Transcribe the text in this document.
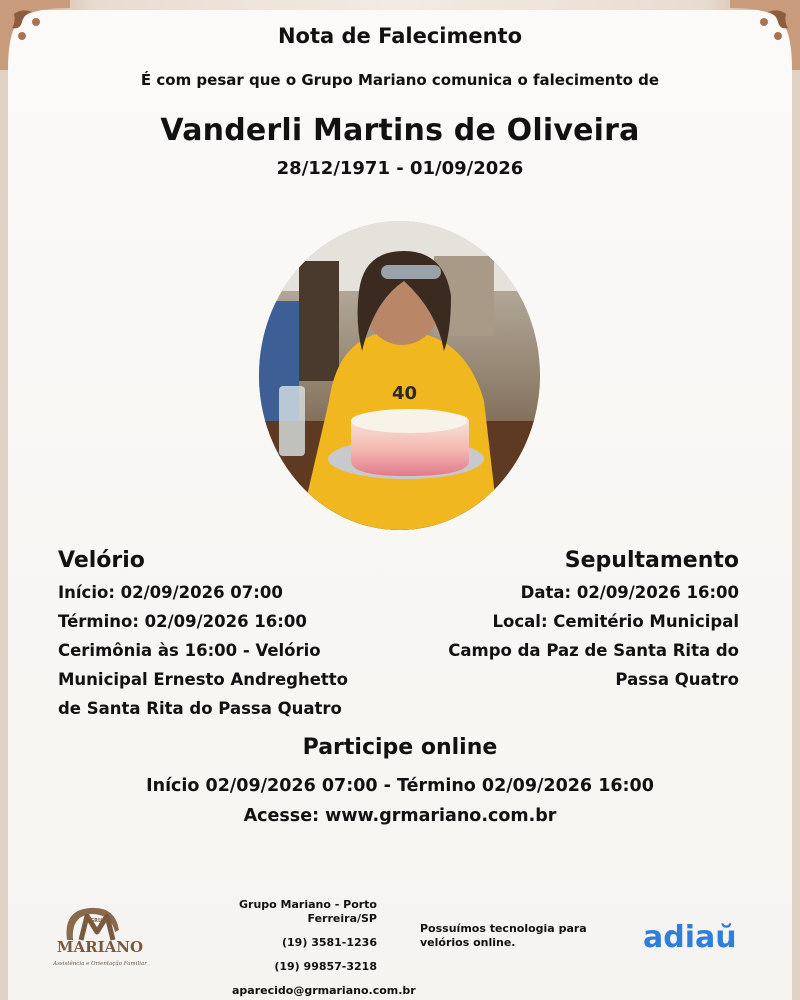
Nota de Falecimento
É com pesar que o Grupo Mariano comunica o falecimento de
Vanderli Martins de Oliveira
28/12/1971 - 01/09/2026
40
Velório
Início: 02/09/2026 07:00
Término: 02/09/2026 16:00
Cerimônia às 16:00 - Velório
Municipal Ernesto Andreghetto
de Santa Rita do Passa Quatro
Sepultamento
Data: 02/09/2026 16:00
Local: Cemitério Municipal
Campo da Paz de Santa Rita do
Passa Quatro
Participe online
Início 02/09/2026 07:00 - Término 02/09/2026 16:00
Acesse: www.grmariano.com.br
GRUPO
MARIANO
Assistência e Orientação Familiar
Grupo Mariano - Porto
Ferreira/SP
(19) 3581-1236
(19) 99857-3218
aparecido@grmariano.com.br
Possuímos tecnologia para
velórios online.	adiaŭ
